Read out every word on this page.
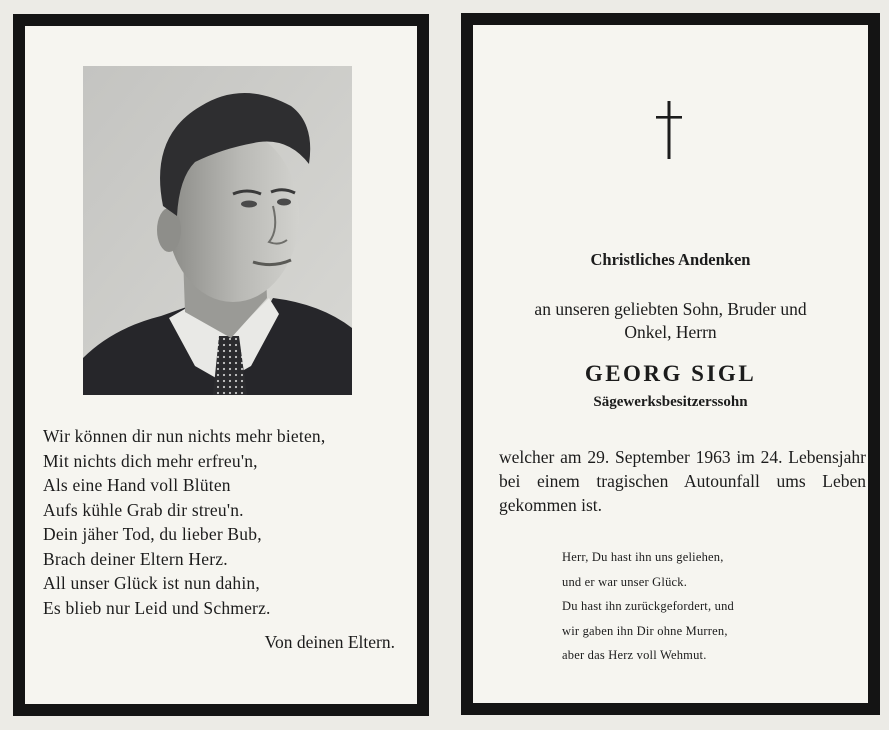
Wir können dir nun nichts mehr bieten,
Mit nichts dich mehr erfreu'n,
Als eine Hand voll Blüten
Aufs kühle Grab dir streu'n.
Dein jäher Tod, du lieber Bub,
Brach deiner Eltern Herz.
All unser Glück ist nun dahin,
Es blieb nur Leid und Schmerz.
Von deinen Eltern.
Christliches Andenken
an unseren geliebten Sohn, Bruder und
Onkel, Herrn
GEORG SIGL
Sägewerksbesitzerssohn
welcher am 29. September 1963 im 24. Lebensjahr bei einem tragischen Autounfall ums Leben gekommen ist.
Herr, Du hast ihn uns geliehen,
und er war unser Glück.
Du hast ihn zurückgefordert, und
wir gaben ihn Dir ohne Murren,
aber das Herz voll Wehmut.
